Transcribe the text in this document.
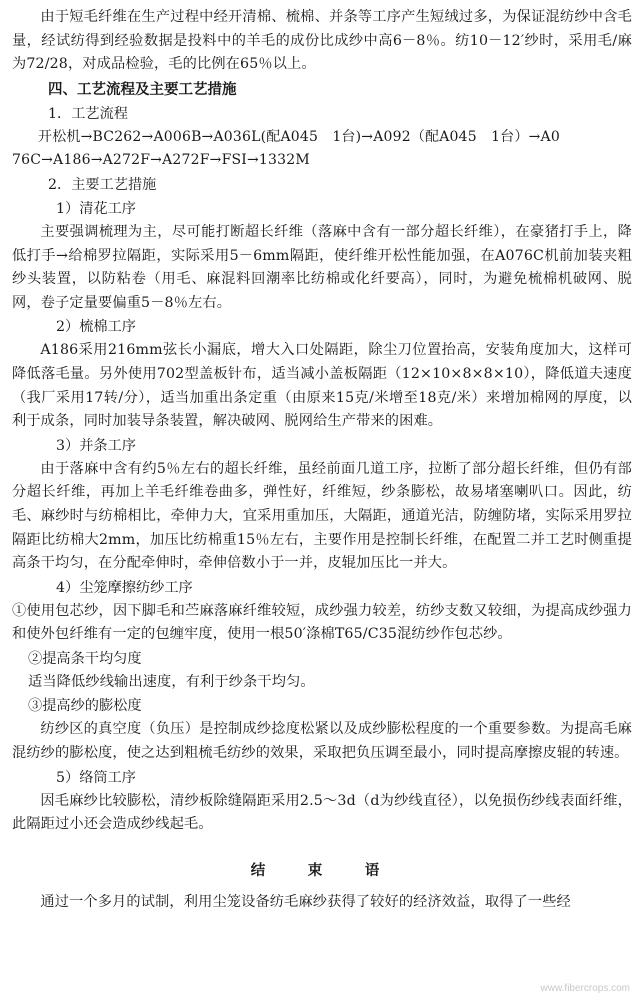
由于短毛纤维在生产过程中经开清棉、梳棉、并条等工序产生短绒过多，为保证混纺纱中含毛量，经试纺得到经验数据是投料中的羊毛的成份比成纱中高6－8％。纺10－12′纱时，采用毛/麻为72/28，对成品检验，毛的比例在65％以上。

四、工艺流程及主要工艺措施

1．工艺流程

开松机→BC262→A006B→A036L(配A045　1台)→A092（配A045　1台）→A0

76C→A186→A272F→A272F→FSI→1332M

2．主要工艺措施

1）清花工序

主要强调梳理为主，尽可能打断超长纤维（落麻中含有一部分超长纤维），在豪猪打手上，降低打手→给棉罗拉隔距，实际采用5－6mm隔距，使纤维开松性能加强，在A076C机前加装夹粗纱头装置，以防粘卷（用毛、麻混料回潮率比纺棉或化纤要高），同时，为避免梳棉机破网、脱网，卷子定量要偏重5－8％左右。

2）梳棉工序

A186采用216mm弦长小漏底，增大入口处隔距，除尘刀位置抬高，安装角度加大，这样可降低落毛量。另外使用702型盖板针布，适当减小盖板隔距（12×10×8×8×10），降低道夫速度（我厂采用17转/分），适当加重出条定重（由原来15克/米增至18克/米）来增加棉网的厚度，以利于成条，同时加装导条装置，解决破网、脱网给生产带来的困难。

3）并条工序

由于落麻中含有约5％左右的超长纤维，虽经前面几道工序，拉断了部分超长纤维，但仍有部分超长纤维，再加上羊毛纤维卷曲多，弹性好，纤维短，纱条膨松，故易堵塞喇叭口。因此，纺毛、麻纱时与纺棉相比，牵伸力大，宜采用重加压，大隔距，通道光洁，防缠防堵，实际采用罗拉隔距比纺棉大2mm，加压比纺棉重15％左右，主要作用是控制长纤维，在配置二并工艺时侧重提高条干均匀，在分配牵伸时，牵伸倍数小于一并，皮辊加压比一并大。

4）尘笼摩擦纺纱工序

①使用包芯纱，因下脚毛和苎麻落麻纤维较短，成纱强力较差，纺纱支数又较细，为提高成纱强力和使外包纤维有一定的包缠牢度，使用一根50′涤棉T65/C35混纺纱作包芯纱。

②提高条干均匀度

适当降低纱线输出速度，有利于纱条干均匀。

③提高纱的膨松度

纺纱区的真空度（负压）是控制成纱捻度松紧以及成纱膨松程度的一个重要参数。为提高毛麻混纺纱的膨松度，使之达到粗梳毛纺纱的效果，采取把负压调至最小，同时提高摩擦皮辊的转速。

5）络筒工序

因毛麻纱比较膨松，清纱板除缝隔距采用2.5～3d（d为纱线直径），以免损伤纱线表面纤维，此隔距过小还会造成纱线起毛。

结　束　语

通过一个多月的试制，利用尘笼设备纺毛麻纱获得了较好的经济效益，取得了一些经

www.fibercrops.com
